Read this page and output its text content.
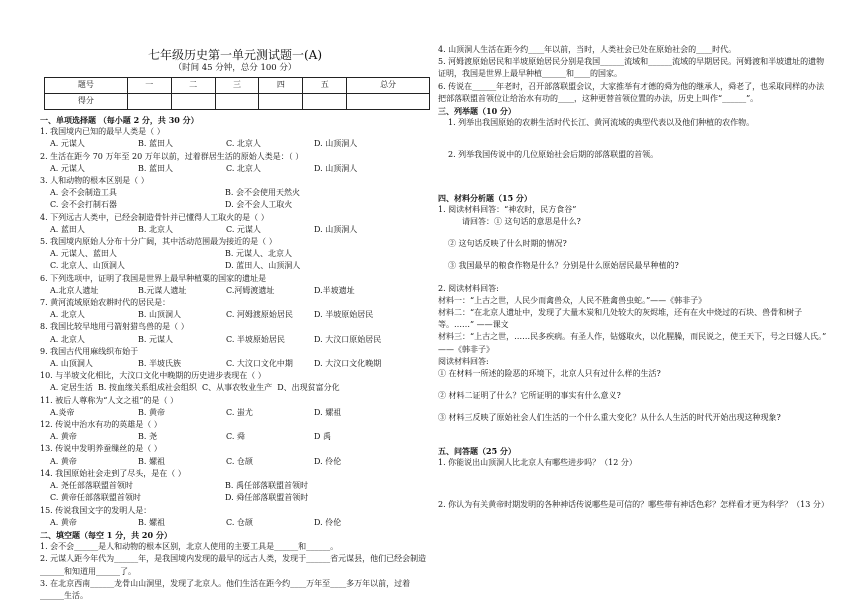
七年级历史第一单元测试题一(A)
（时间 45 分钟，总分 100 分）
题号	一	二	三	四	五	总分
得分						
一、单项选择题 （每小题 2 分，共 30 分）
1. 我国境内已知的最早人类是（ ）
A. 元谋人	B. 蓝田人	C. 北京人	D. 山顶洞人
2. 生活在距今 70 万年至 20 万年以前，过着群居生活的原始人类是：（ ）
A. 元谋人	B. 蓝田人	C. 北京人	D. 山顶洞人
3. 人和动物的根本区别是（ ）
A. 会不会制造工具	B. 会不会使用天然火
C. 会不会打制石器	D. 会不会人工取火
4. 下列远古人类中，已经会制造骨针并已懂得人工取火的是（ ）
A. 蓝田人	B. 北京人	C. 元谋人	D. 山顶洞人
5. 我国境内原始人分布十分广阔，其中活动范围最为接近的是（ ）
A. 元谋人、蓝田人	B. 元谋人、北京人
C. 北京人、山顶洞人	D. 蓝田人、山顶洞人
6. 下列选项中，证明了我国是世界上最早种植粟的国家的遗址是
A.北京人遗址	B.元谋人遗址	C.河姆渡遗址	D.半坡遗址
7. 黄河流域原始农耕时代的居民是：
A. 北京人	B. 山顶洞人	C. 河姆渡原始居民	D. 半坡原始居民
8. 我国比较早地用弓箭射猎鸟兽的是（ ）
A. 北京人	B. 元谋人	C. 半坡原始居民	D. 大汶口原始居民
9. 我国古代用麻线织布始于
A. 山顶洞人	B. 半坡氏族	C. 大汶口文化中期	D. 大汶口文化晚期
10. 与半坡文化相比，大汶口文化中晚期的历史进步表现在（ ）
A. 定居生活 B. 按血缘关系组成社会组织 C、从事农牧业生产 D、出现贫富分化
11. 被后人尊称为“人文之祖”的是（ ）
A.炎帝	B. 黄帝	C. 蚩尤	D. 嫘祖
12. 传说中治水有功的英雄是（ ）
A. 黄帝	B. 尧	C. 舜	D 禹
13. 传说中发明养蚕缫丝的是（ ）
A. 黄帝	B. 嫘祖	C. 仓颉	D. 伶伦
14. 我国原始社会走到了尽头，是在（ ）
A. 尧任部落联盟首领时	B. 禹任部落联盟首领时
C. 黄帝任部落联盟首领时	D. 舜任部落联盟首领时
15. 传说我国文字的发明人是：
A. 黄帝	B. 嫘祖	C. 仓颉	D. 伶伦
二、填空题（每空 1 分，共 20 分）
1. 会不会______是人和动物的根本区别，北京人使用的主要工具是______和______。
2. 元谋人距今年代为______年，是我国境内发现的最早的远古人类，发现于______省元谋县，他们已经会制造______和知道用______了。
3. 在北京西南______龙骨山山洞里，发现了北京人。他们生活在距今约____万年至____多万年以前，过着______生活。
4. 山顶洞人生活在距今约____年以前，当时，人类社会已处在原始社会的____时代。
5. 河姆渡原始居民和半坡原始居民分别是我国______流域和______流域的早期居民。河姆渡和半坡遗址的遗物证明，我国是世界上最早种植______和____的国家。
6. 传说在______年老时，召开部落联盟会议，大家推举有才德的舜为他的继承人，舜老了，也采取同样的办法把部落联盟首领位让给治水有功的____，这种更替首领位置的办法，历史上叫作“______”。
三、列举题（10 分）
1. 列举出我国原始的农耕生活时代长江、黄河流域的典型代表以及他们种植的农作物。
2. 列举我国传说中的几位原始社会后期的部落联盟的首领。
四、材料分析题（15 分）
1. 阅读材料回答：“神农时，民方食谷”
请回答：① 这句话的意思是什么?
② 这句话反映了什么时期的情况?
③ 我国最早的粮食作物是什么？分别是什么原始居民最早种植的?
2. 阅读材料回答:
材料一：“上古之世，人民少而禽兽众，人民不胜禽兽虫蛇。”——《韩非子》
材料二：“在北京人遗址中，发现了大量木炭和几处较大的灰烬堆，还有在火中烧过的石块、兽骨和树子等。……” ——课文
材料三：“上古之世，……民多疾病。有圣人作，钻燧取火，以化腥臊，而民说之，使王天下，号之曰燧人氏。” ——《韩非子》
阅读材料回答:
① 在材料一所述的险恶的环境下，北京人只有过什么样的生活?
② 材料二证明了什么？它所证明的事实有什么意义?
③ 材料三反映了原始社会人们生活的一个什么重大变化？从什么人生活的时代开始出现这种现象?
五、问答题（25 分）
1. 你能说出山顶洞人比北京人有哪些进步吗？（12 分）
2. 你认为有关黄帝时期发明的各种神话传说哪些是可信的？哪些带有神话色彩？怎样看才更为科学？（13 分）
